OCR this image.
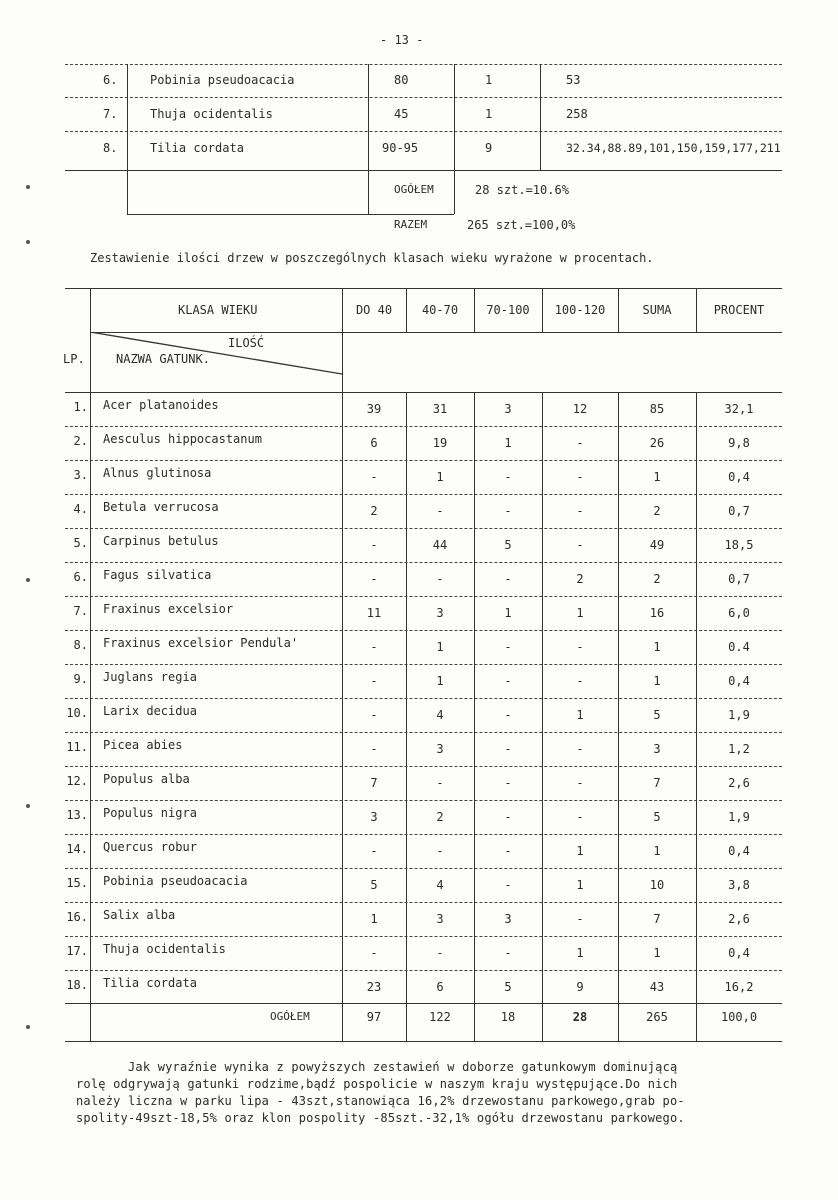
- 13 -
6.	Pobinia pseudoacacia	80	1	53
7.	Thuja ocidentalis	45	1	258
8.	Tilia cordata	90-95	9	32.34,88.89,101,150,159,177,211
OGÓŁEM	28 szt.=10.6%
RAZEM	265 szt.=100,0%
Zestawienie ilości drzew w poszczególnych klasach wieku wyrażone w procentach.
KLASA WIEKU	DO 40	40-70	70-100	100-120	SUMA	PROCENT
ILOŚĆ
NAZWA GATUNK.
LP.
1. Acer platanoides	39	31	3	12	85	32,1
2. Aesculus hippocastanum	6	19	1	-	26	9,8
3. Alnus glutinosa	-	1	-	-	1	0,4
4. Betula verrucosa	2	-	-	-	2	0,7
5. Carpinus betulus	-	44	5	-	49	18,5
6. Fagus silvatica	-	-	-	2	2	0,7
7. Fraxinus excelsior	11	3	1	1	16	6,0
8. Fraxinus excelsior Pendula'	-	1	-	-	1	0.4
9. Juglans regia	-	1	-	-	1	0,4
10. Larix decidua	-	4	-	1	5	1,9
11. Picea abies	-	3	-	-	3	1,2
12. Populus alba	7	-	-	-	7	2,6
13. Populus nigra	3	2	-	-	5	1,9
14. Quercus robur	-	-	-	1	1	0,4
15. Pobinia pseudoacacia	5	4	-	1	10	3,8
16. Salix alba	1	3	3	-	7	2,6
17. Thuja ocidentalis	-	-	-	1	1	0,4
18. Tilia cordata	23	6	5	9	43	16,2
OGÓŁEM	97	122	18	28	265	100,0
Jak wyraźnie wynika z powyższych zestawień w doborze gatunkowym dominującą
rolę odgrywają gatunki rodzime,bądź pospolicie w naszym kraju występujące.Do nich
należy liczna w parku lipa - 43szt,stanowiąca 16,2% drzewostanu parkowego,grab po-
spolity-49szt-18,5% oraz klon pospolity -85szt.-32,1% ogółu drzewostanu parkowego.
